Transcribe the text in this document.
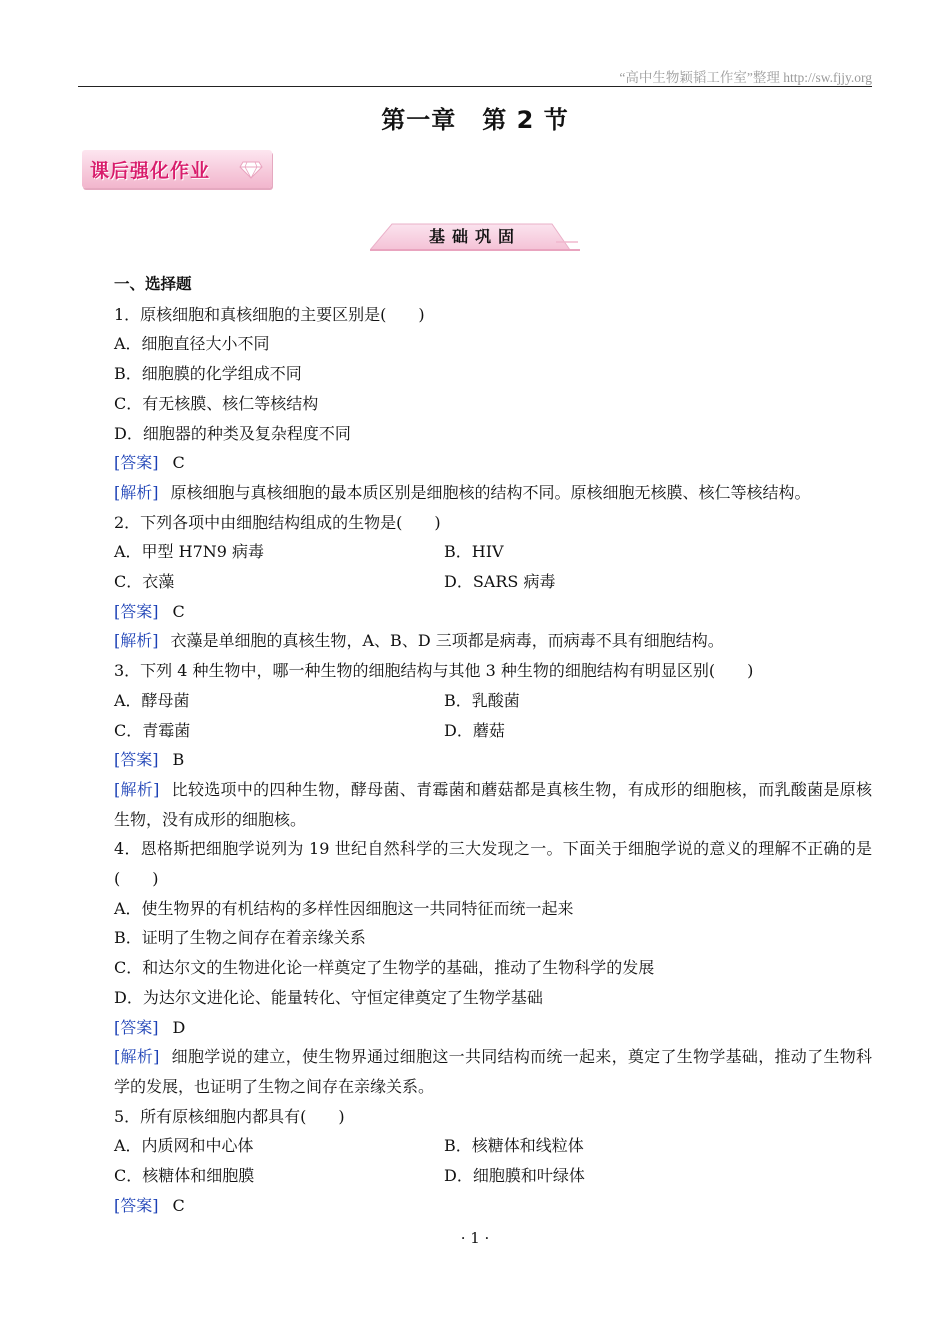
“高中生物颖韬工作室”整理 http://sw.fjjy.org
第一章 第 2 节
课后强化作业
基础巩固
一、选择题
1．原核细胞和真核细胞的主要区别是(　　)
A．细胞直径大小不同
B．细胞膜的化学组成不同
C．有无核膜、核仁等核结构
D．细胞器的种类及复杂程度不同
[答案] C
[解析] 原核细胞与真核细胞的最本质区别是细胞核的结构不同。原核细胞无核膜、核仁等核结构。
2．下列各项中由细胞结构组成的生物是(　　)
A．甲型 H7N9 病毒	B．HIV
C．衣藻	D．SARS 病毒
[答案] C
[解析] 衣藻是单细胞的真核生物，A、B、D 三项都是病毒，而病毒不具有细胞结构。
3．下列 4 种生物中，哪一种生物的细胞结构与其他 3 种生物的细胞结构有明显区别(　　)
A．酵母菌	B．乳酸菌
C．青霉菌	D．蘑菇
[答案] B
[解析] 比较选项中的四种生物，酵母菌、青霉菌和蘑菇都是真核生物，有成形的细胞核，而乳酸菌是原核生物，没有成形的细胞核。
4．恩格斯把细胞学说列为 19 世纪自然科学的三大发现之一。下面关于细胞学说的意义的理解不正确的是(　　)
A．使生物界的有机结构的多样性因细胞这一共同特征而统一起来
B．证明了生物之间存在着亲缘关系
C．和达尔文的生物进化论一样奠定了生物学的基础，推动了生物科学的发展
D．为达尔文进化论、能量转化、守恒定律奠定了生物学基础
[答案] D
[解析] 细胞学说的建立，使生物界通过细胞这一共同结构而统一起来，奠定了生物学基础，推动了生物科学的发展，也证明了生物之间存在亲缘关系。
5．所有原核细胞内都具有(　　)
A．内质网和中心体	B．核糖体和线粒体
C．核糖体和细胞膜	D．细胞膜和叶绿体
[答案] C
· 1 ·
